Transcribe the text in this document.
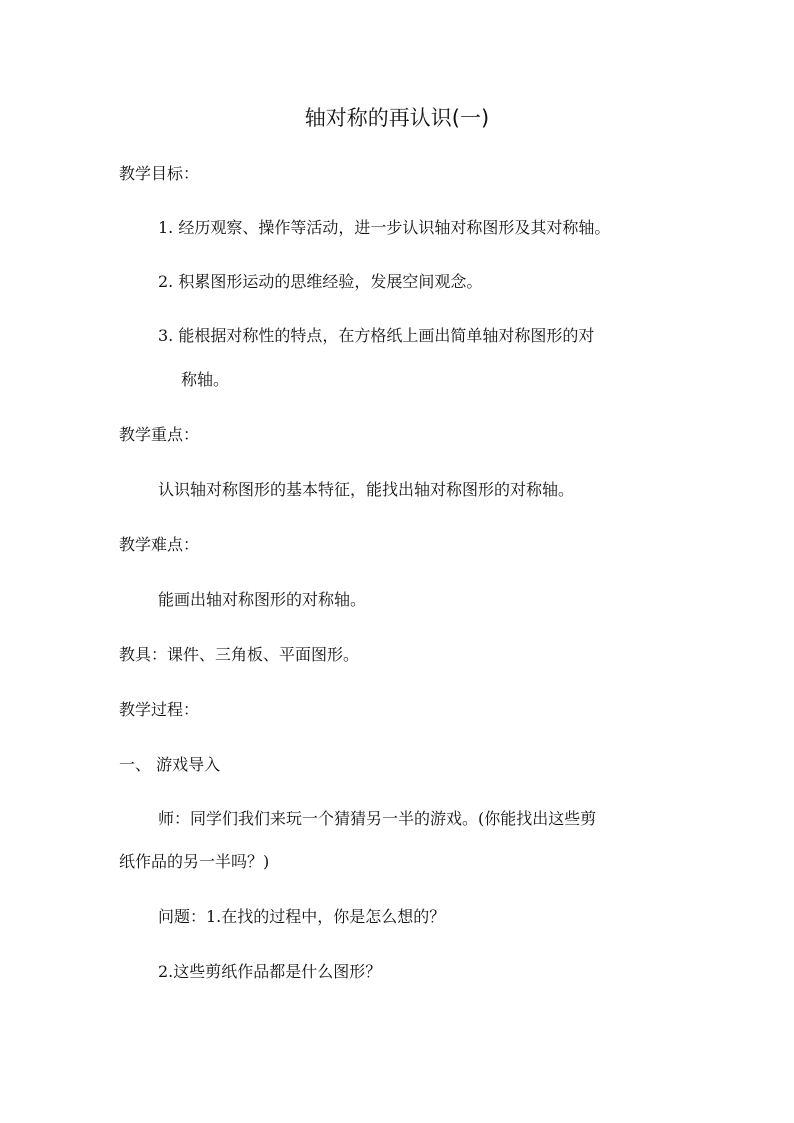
轴对称的再认识(一)

教学目标：

1. 经历观察、操作等活动，进一步认识轴对称图形及其对称轴。

2. 积累图形运动的思维经验，发展空间观念。

3. 能根据对称性的特点，在方格纸上画出简单轴对称图形的对

称轴。

教学重点：

认识轴对称图形的基本特征，能找出轴对称图形的对称轴。

教学难点：

能画出轴对称图形的对称轴。

教具：课件、三角板、平面图形。

教学过程：

一、 游戏导入

师：同学们我们来玩一个猜猜另一半的游戏。(你能找出这些剪

纸作品的另一半吗？)

问题：1.在找的过程中，你是怎么想的？

2.这些剪纸作品都是什么图形？
